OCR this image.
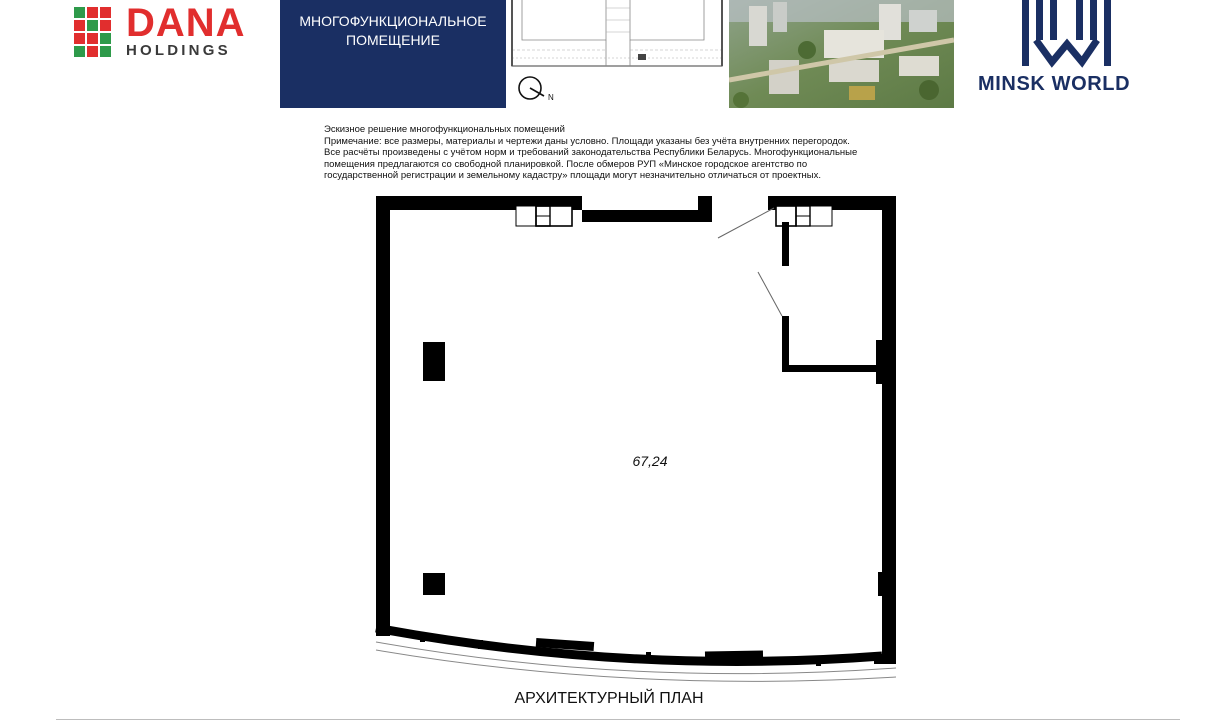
DANA
HOLDINGS
МНОГОФУНКЦИОНАЛЬНОЕ
ПОМЕЩЕНИЕ
N
MINSK WORLD
Эскизное решение многофункциональных помещений
Примечание: все размеры, материалы и чертежи даны условно. Площади указаны без учёта внутренних перегородок.
Все расчёты произведены с учётом норм и требований законодательства Республики Беларусь. Многофункциональные
помещения предлагаются со свободной планировкой. После обмеров РУП «Минское городское агентство по
государственной регистрации и земельному кадастру» площади могут незначительно отличаться от проектных.
67,24
АРХИТЕКТУРНЫЙ ПЛАН
